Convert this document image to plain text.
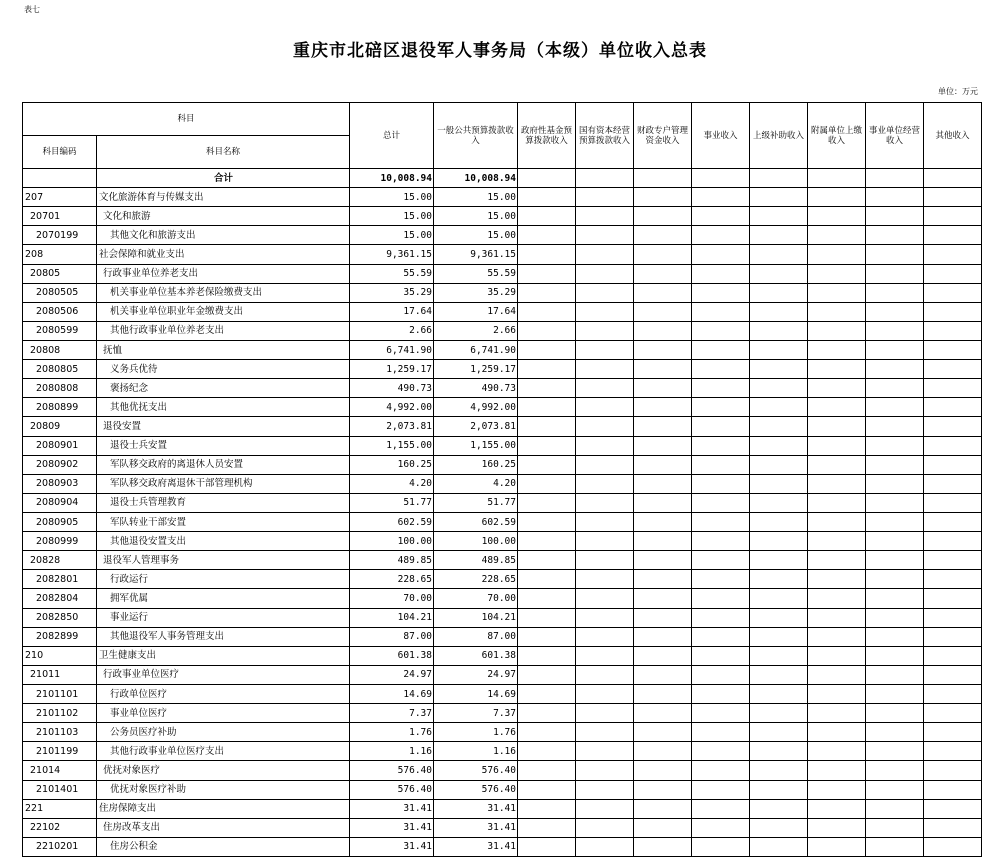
表七
重庆市北碚区退役军人事务局（本级）单位收入总表
单位：万元
科目		总计	一般公共预算拨款收入	政府性基金预算拨款收入	国有资本经营预算拨款收入	财政专户管理资金收入	事业收入	上级补助收入	附属单位上缴收入	事业单位经营收入	其他收入
科目编码	科目名称										
	合计	10,008.94	10,008.94								
207	文化旅游体育与传媒支出	15.00	15.00								
20701	文化和旅游	15.00	15.00								
2070199	其他文化和旅游支出	15.00	15.00								
208	社会保障和就业支出	9,361.15	9,361.15								
20805	行政事业单位养老支出	55.59	55.59								
2080505	机关事业单位基本养老保险缴费支出	35.29	35.29								
2080506	机关事业单位职业年金缴费支出	17.64	17.64								
2080599	其他行政事业单位养老支出	2.66	2.66								
20808	抚恤	6,741.90	6,741.90								
2080805	义务兵优待	1,259.17	1,259.17								
2080808	褒扬纪念	490.73	490.73								
2080899	其他优抚支出	4,992.00	4,992.00								
20809	退役安置	2,073.81	2,073.81								
2080901	退役士兵安置	1,155.00	1,155.00								
2080902	军队移交政府的离退休人员安置	160.25	160.25								
2080903	军队移交政府离退休干部管理机构	4.20	4.20								
2080904	退役士兵管理教育	51.77	51.77								
2080905	军队转业干部安置	602.59	602.59								
2080999	其他退役安置支出	100.00	100.00								
20828	退役军人管理事务	489.85	489.85								
2082801	行政运行	228.65	228.65								
2082804	拥军优属	70.00	70.00								
2082850	事业运行	104.21	104.21								
2082899	其他退役军人事务管理支出	87.00	87.00								
210	卫生健康支出	601.38	601.38								
21011	行政事业单位医疗	24.97	24.97								
2101101	行政单位医疗	14.69	14.69								
2101102	事业单位医疗	7.37	7.37								
2101103	公务员医疗补助	1.76	1.76								
2101199	其他行政事业单位医疗支出	1.16	1.16								
21014	优抚对象医疗	576.40	576.40								
2101401	优抚对象医疗补助	576.40	576.40								
221	住房保障支出	31.41	31.41								
22102	住房改革支出	31.41	31.41								
2210201	住房公积金	31.41	31.41								
